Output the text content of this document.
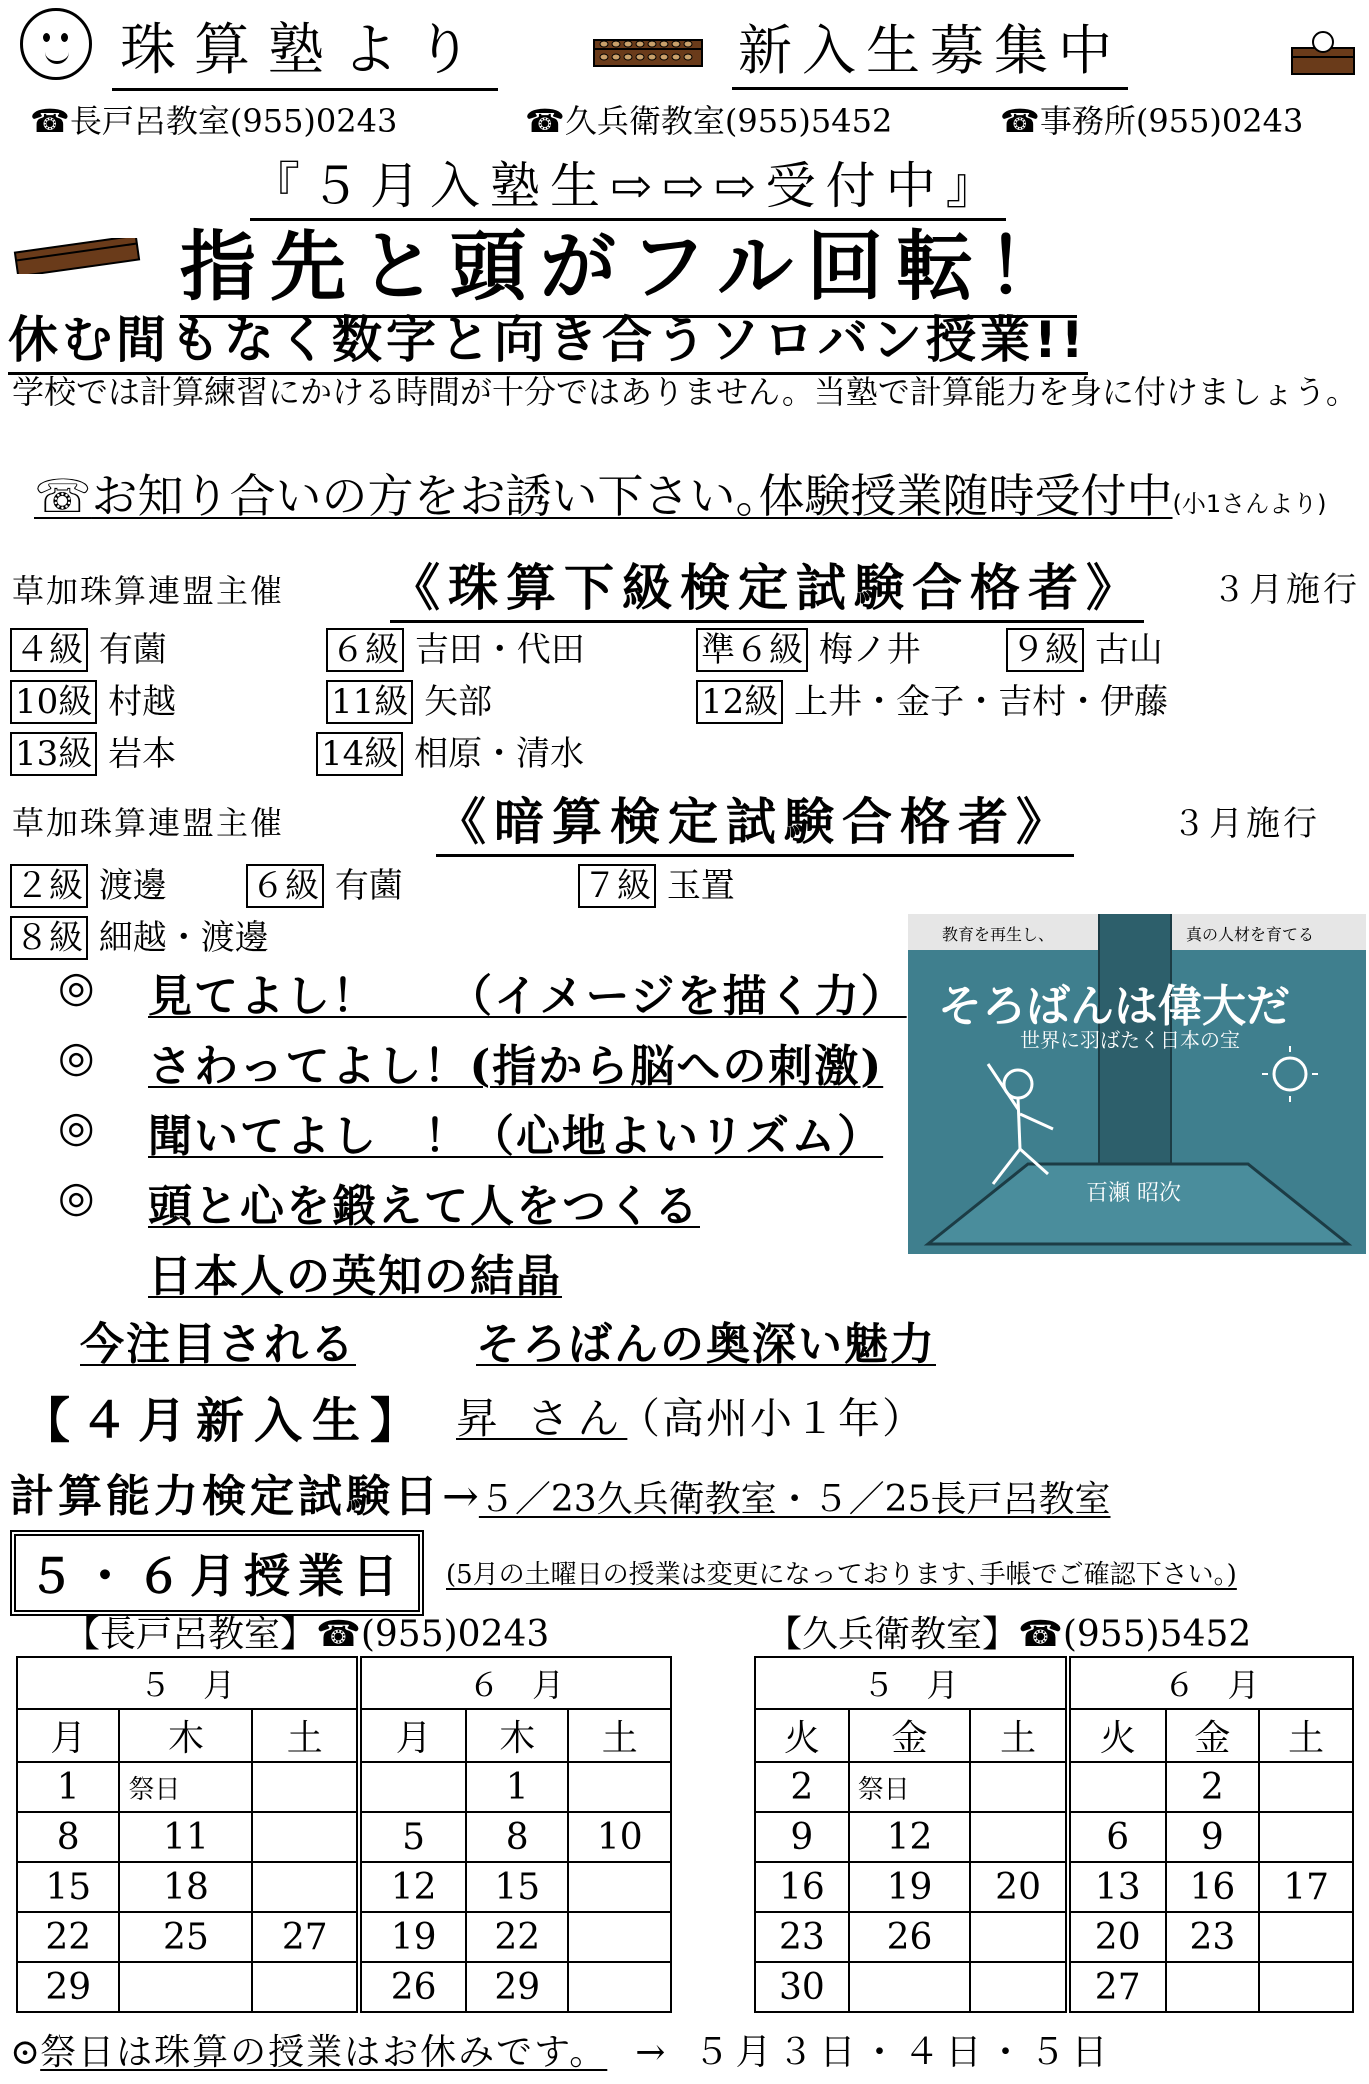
珠算塾より	新入生募集中
☎長戸呂教室(955)0243	☎久兵衛教室(955)5452	☎事務所(955)0243
『５月入塾生⇨⇨⇨受付中』
指先と頭がフル回転！
休む間もなく数字と向き合うソロバン授業!!
学校では計算練習にかける時間が十分ではありません。当塾で計算能力を身に付けましょう。
☏お知り合いの方をお誘い下さい｡体験授業随時受付中(小1さんより)
草加珠算連盟主催 《珠算下級検定試験合格者》 ３月施行
４級 有薗	６級 吉田・代田	準６級 梅ノ井	９級 古山
10級 村越	11級 矢部	12級 上井・金子・吉村・伊藤
13級 岩本	14級 相原・清水
草加珠算連盟主催	《暗算検定試験合格者》	３月施行
２級 渡邊 ６級 有薗	７級 玉置
８級 細越・渡邊
◎ 見てよし！　　（イメージを描く力）
◎ さわってよし！(指から脳への刺激)
◎ 聞いてよし　！（心地よいリズム）
◎ 頭と心を鍛えて人をつくる
日本人の英知の結晶
教育を再生し、	真の人材を育てる
そろばんは偉大だ
世界に羽ばたく日本の宝
百瀬 昭次
今注目される	そろばんの奥深い魅力
【４月新入生】 昇 さん
（高州小１年）
計算能力検定試験日→５／23久兵衛教室・５／25長戸呂教室
５・６月授業日	(5月の土曜日の授業は変更になっております､手帳でご確認下さい。)
【長戸呂教室】☎(955)0243	【久兵衛教室】☎(955)5452
５　月			６　月		
月	木	土	月	木	土
1	祭日			1	
8	11		5	8	10
15	18		12	15	
22	25	27	19	22	
29			26	29	
５　月			６　月		
火	金	土	火	金	土
2	祭日			2	
9	12		6	9	
16	19	20	13	16	17
23	26		20	23	
30			27		
⊙祭日は珠算の授業はお休みです。 → ５月３日・４日・５日
